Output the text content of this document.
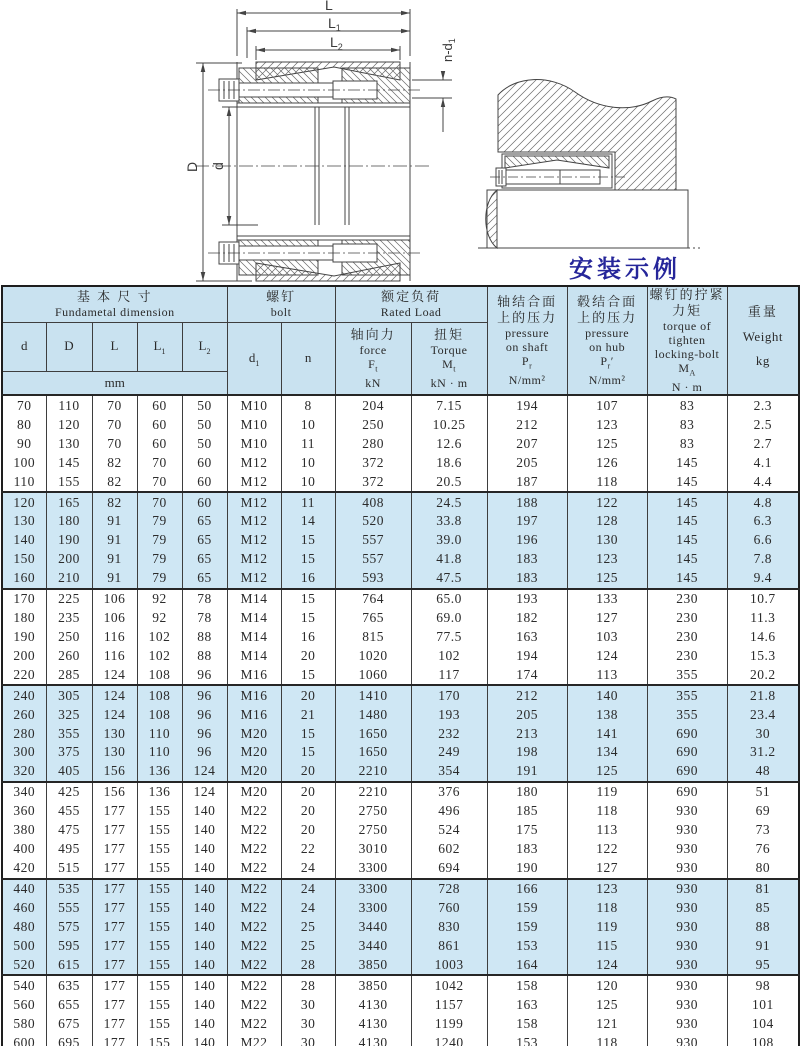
L
$L_1$
$L_2$	$n-d_1$
D d
安装示例
基 本 尺 寸
Fundametal dimension

螺钉
bolt

额定负荷
Rated Load

轴结合面
上的压力
pressure
on shaft
$P_r$
N/mm²

毂结合面
上的压力
pressure
on hub
$P_r'$
N/mm²

螺钉的拧紧
力矩
torque of
tighten
locking-bolt
$M_A$
N · m

重量
Weight
kg

d	D	L	$L_1$	$L_2$	$d_1$	n	
轴向力
force
$F_t$
kN

扭矩
Torque
$M_t$
kN · m

mm												
70	110	70	60	50	M10	8	204	7.15	194	107	83	2.3
80	120	70	60	50	M10	10	250	10.25	212	123	83	2.5
90	130	70	60	50	M10	11	280	12.6	207	125	83	2.7
100	145	82	70	60	M12	10	372	18.6	205	126	145	4.1
110	155	82	70	60	M12	10	372	20.5	187	118	145	4.4
120	165	82	70	60	M12	11	408	24.5	188	122	145	4.8
130	180	91	79	65	M12	14	520	33.8	197	128	145	6.3
140	190	91	79	65	M12	15	557	39.0	196	130	145	6.6
150	200	91	79	65	M12	15	557	41.8	183	123	145	7.8
160	210	91	79	65	M12	16	593	47.5	183	125	145	9.4
170	225	106	92	78	M14	15	764	65.0	193	133	230	10.7
180	235	106	92	78	M14	15	765	69.0	182	127	230	11.3
190	250	116	102	88	M14	16	815	77.5	163	103	230	14.6
200	260	116	102	88	M14	20	1020	102	194	124	230	15.3
220	285	124	108	96	M16	15	1060	117	174	113	355	20.2
240	305	124	108	96	M16	20	1410	170	212	140	355	21.8
260	325	124	108	96	M16	21	1480	193	205	138	355	23.4
280	355	130	110	96	M20	15	1650	232	213	141	690	30
300	375	130	110	96	M20	15	1650	249	198	134	690	31.2
320	405	156	136	124	M20	20	2210	354	191	125	690	48
340	425	156	136	124	M20	20	2210	376	180	119	690	51
360	455	177	155	140	M22	20	2750	496	185	118	930	69
380	475	177	155	140	M22	20	2750	524	175	113	930	73
400	495	177	155	140	M22	22	3010	602	183	122	930	76
420	515	177	155	140	M22	24	3300	694	190	127	930	80
440	535	177	155	140	M22	24	3300	728	166	123	930	81
460	555	177	155	140	M22	24	3300	760	159	118	930	85
480	575	177	155	140	M22	25	3440	830	159	119	930	88
500	595	177	155	140	M22	25	3440	861	153	115	930	91
520	615	177	155	140	M22	28	3850	1003	164	124	930	95
540	635	177	155	140	M22	28	3850	1042	158	120	930	98
560	655	177	155	140	M22	30	4130	1157	163	125	930	101
580	675	177	155	140	M22	30	4130	1199	158	121	930	104
600	695	177	155	140	M22	30	4130	1240	153	118	930	108
